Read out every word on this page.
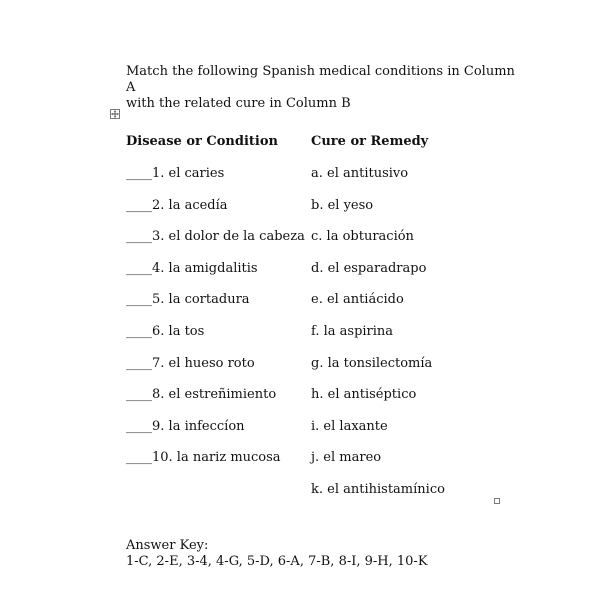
Match the following Spanish medical conditions in Column A
with the related cure in Column B
Disease or Condition
____1. el caries
____2. la acedía
____3. el dolor de la cabeza
____4. la amigdalitis
____5. la cortadura
____6. la tos
____7. el hueso roto
____8. el estreñimiento
____9. la infeccíon
____10. la nariz mucosa
Cure or Remedy
a. el antitusivo
b. el yeso
c. la obturación
d. el esparadrapo
e. el antiácido
f. la aspirina
g. la tonsilectomía
h. el antiséptico
i. el laxante
j. el mareo
k. el antihistamínico
Answer Key:
1-C, 2-E, 3-4, 4-G, 5-D, 6-A, 7-B, 8-I, 9-H, 10-K
